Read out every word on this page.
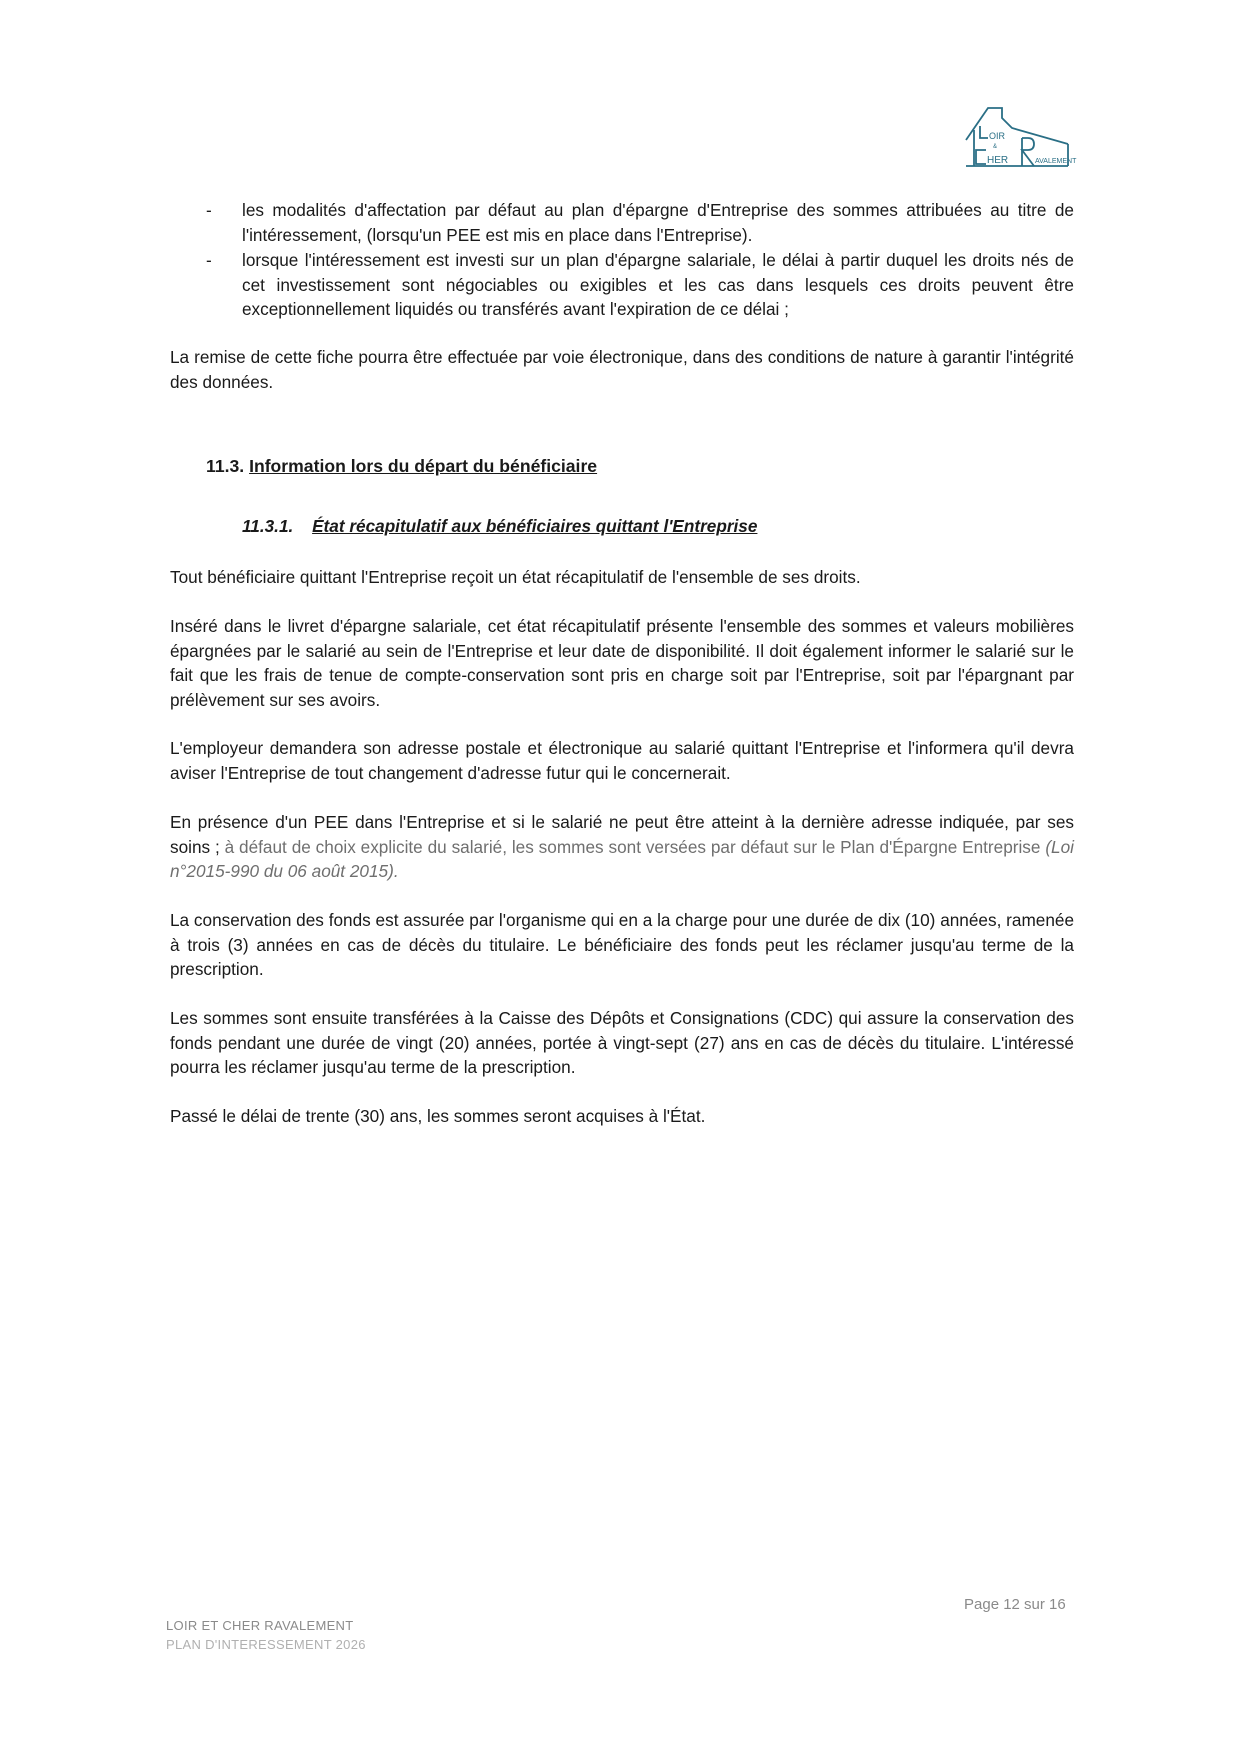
OIR
&
HER	AVALEMENT
- les modalités d'affectation par défaut au plan d'épargne d'Entreprise des sommes attribuées au titre de l'intéressement, (lorsqu'un PEE est mis en place dans l'Entreprise).
- lorsque l'intéressement est investi sur un plan d'épargne salariale, le délai à partir duquel les droits nés de cet investissement sont négociables ou exigibles et les cas dans lesquels ces droits peuvent être exceptionnellement liquidés ou transférés avant l'expiration de ce délai ;

La remise de cette fiche pourra être effectuée par voie électronique, dans des conditions de nature à garantir l'intégrité des données.

11.3. Information lors du départ du bénéficiaire
11.3.1. État récapitulatif aux bénéficiaires quittant l'Entreprise

Tout bénéficiaire quittant l'Entreprise reçoit un état récapitulatif de l'ensemble de ses droits.

Inséré dans le livret d'épargne salariale, cet état récapitulatif présente l'ensemble des sommes et valeurs mobilières épargnées par le salarié au sein de l'Entreprise et leur date de disponibilité. Il doit également informer le salarié sur le fait que les frais de tenue de compte-conservation sont pris en charge soit par l'Entreprise, soit par l'épargnant par prélèvement sur ses avoirs.

L'employeur demandera son adresse postale et électronique au salarié quittant l'Entreprise et l'informera qu'il devra aviser l'Entreprise de tout changement d'adresse futur qui le concernerait.

En présence d'un PEE dans l'Entreprise et si le salarié ne peut être atteint à la dernière adresse indiquée, par ses soins ; à défaut de choix explicite du salarié, les sommes sont versées par défaut sur le Plan d'Épargne Entreprise (Loi n°2015-990 du 06 août 2015).

La conservation des fonds est assurée par l'organisme qui en a la charge pour une durée de dix (10) années, ramenée à trois (3) années en cas de décès du titulaire. Le bénéficiaire des fonds peut les réclamer jusqu'au terme de la prescription.

Les sommes sont ensuite transférées à la Caisse des Dépôts et Consignations (CDC) qui assure la conservation des fonds pendant une durée de vingt (20) années, portée à vingt-sept (27) ans en cas de décès du titulaire. L'intéressé pourra les réclamer jusqu'au terme de la prescription.

Passé le délai de trente (30) ans, les sommes seront acquises à l'État.

Page 12 sur 16
LOIR ET CHER RAVALEMENT
PLAN D'INTERESSEMENT 2026
